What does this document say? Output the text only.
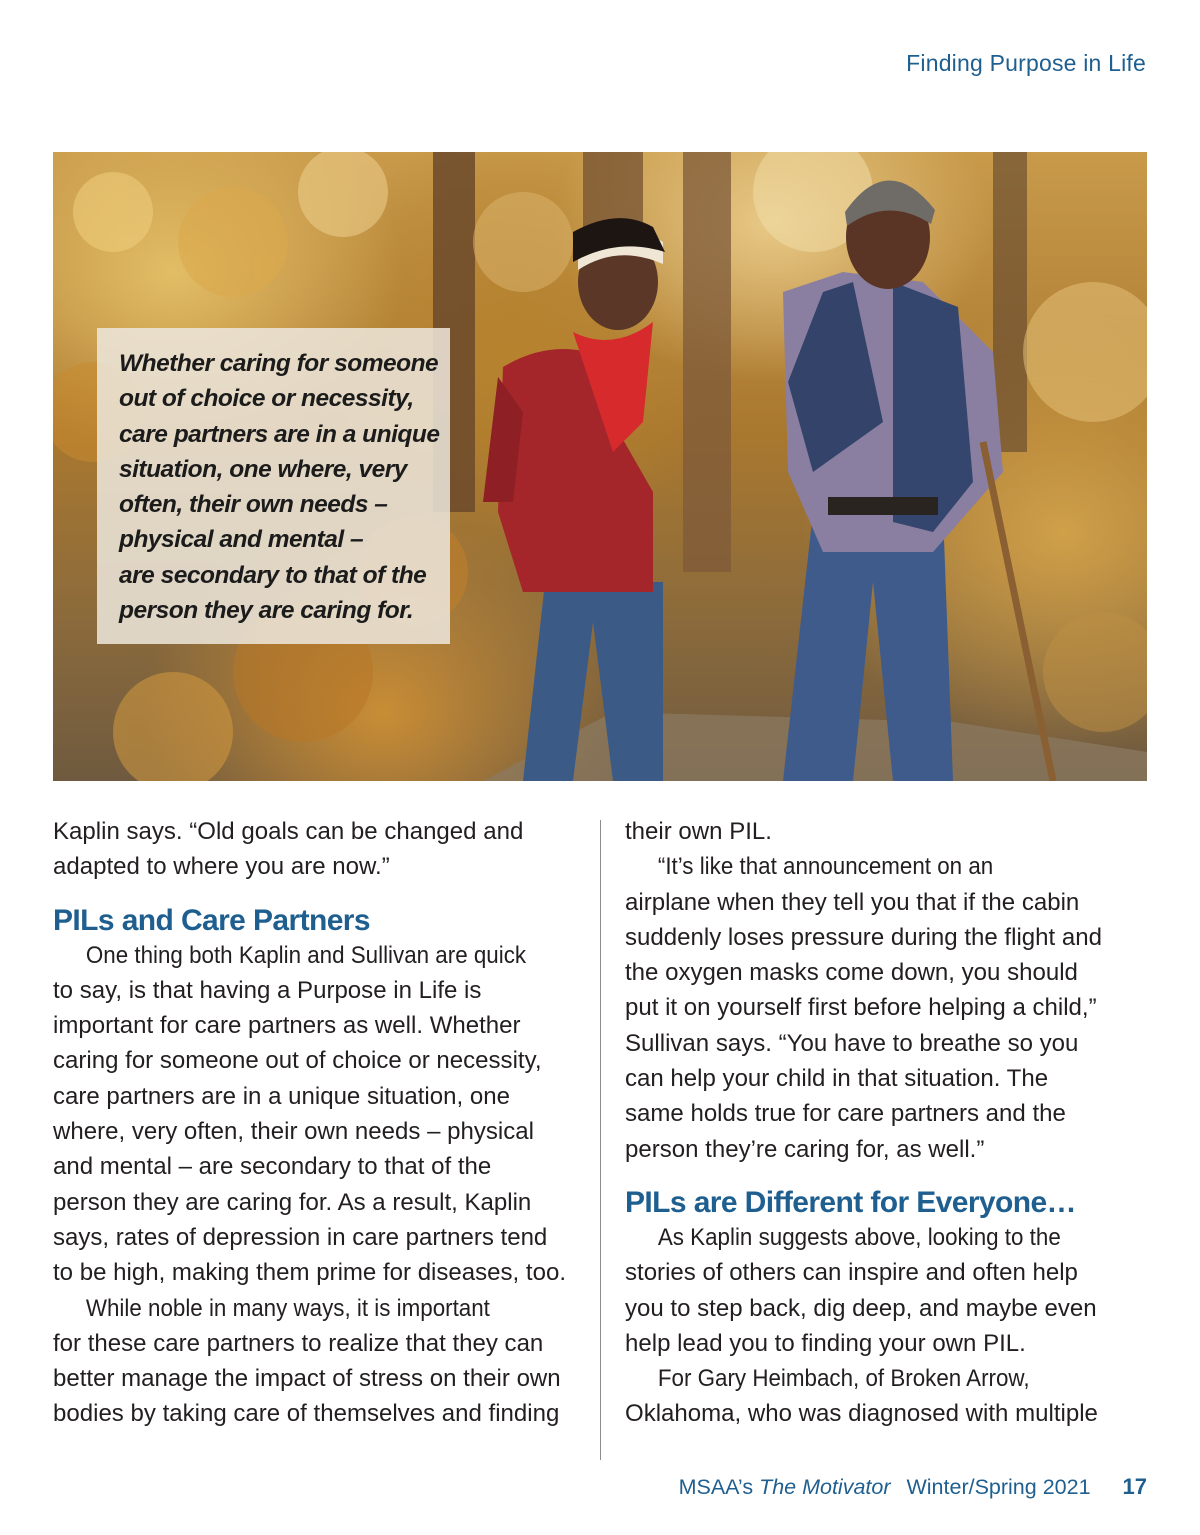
Finding Purpose in Life
Whether caring for someone
out of choice or necessity,
care partners are in a unique
situation, one where, very
often, their own needs –
physical and mental –
are secondary to that of the
person they are caring for.

Kaplin says. “Old goals can be changed and
adapted to where you are now.”

PILs and Care Partners

One thing both Kaplin and Sullivan are quick
to say, is that having a Purpose in Life is
important for care partners as well. Whether
caring for someone out of choice or necessity,
care partners are in a unique situation, one
where, very often, their own needs – physical
and mental – are secondary to that of the
person they are caring for. As a result, Kaplin
says, rates of depression in care partners tend
to be high, making them prime for diseases, too.

While noble in many ways, it is important
for these care partners to realize that they can
better manage the impact of stress on their own
bodies by taking care of themselves and finding

their own PIL.

“It’s like that announcement on an
airplane when they tell you that if the cabin
suddenly loses pressure during the flight and
the oxygen masks come down, you should
put it on yourself first before helping a child,”
Sullivan says. “You have to breathe so you
can help your child in that situation. The
same holds true for care partners and the
person they’re caring for, as well.”

PILs are Different for Everyone…

As Kaplin suggests above, looking to the
stories of others can inspire and often help
you to step back, dig deep, and maybe even
help lead you to finding your own PIL.

For Gary Heimbach, of Broken Arrow,
Oklahoma, who was diagnosed with multiple

MSAA’s The Motivator Winter/Spring 2021 17
